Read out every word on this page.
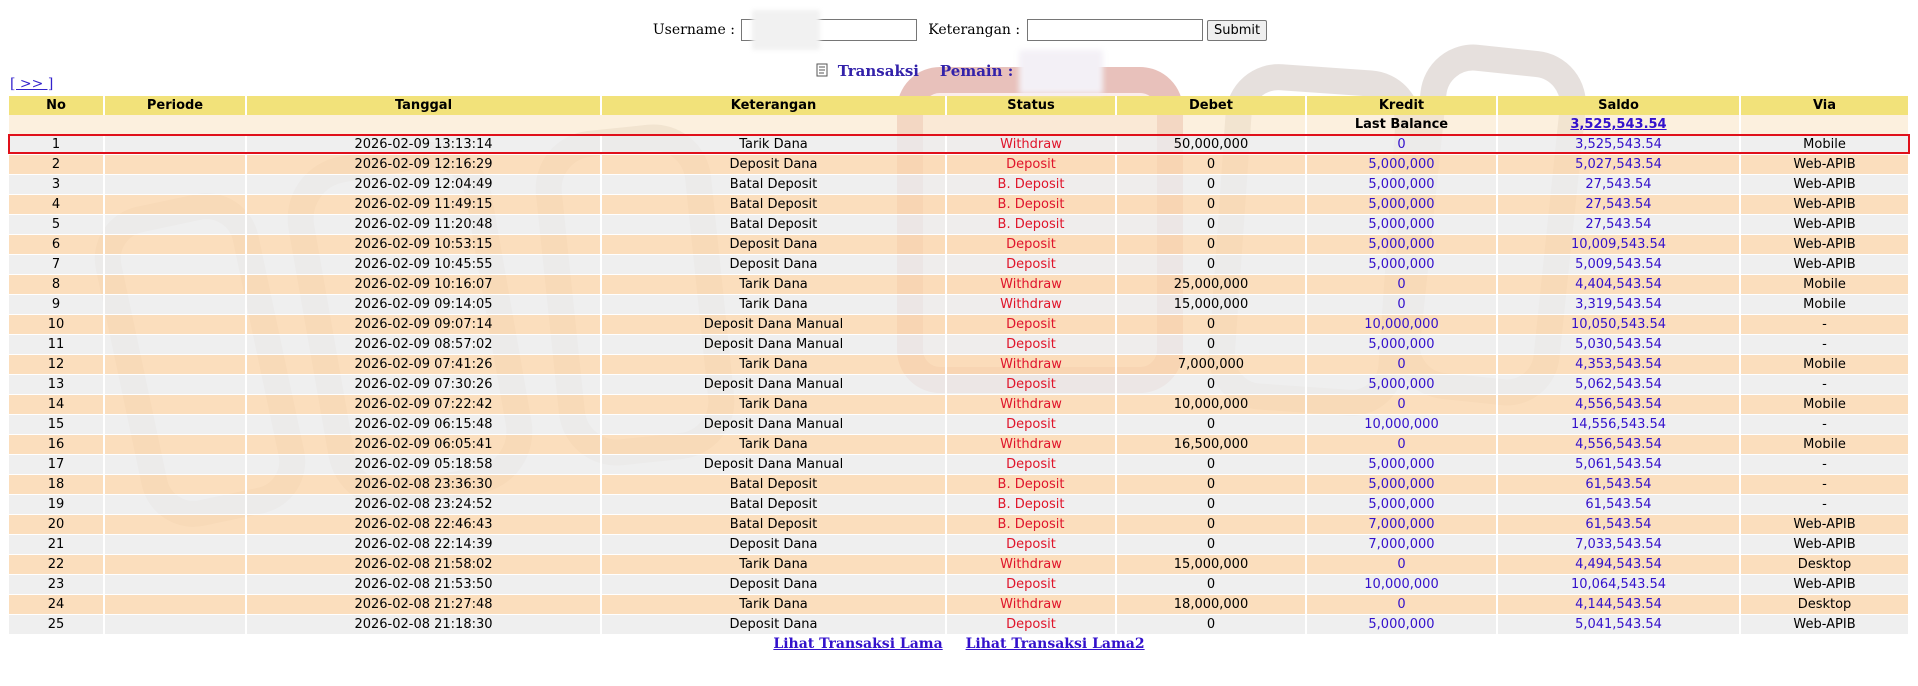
Username :	Keterangan :	Submit
Transaksi Pemain :
[ >> ]
No	Periode	Tanggal	Keterangan	Status	Debet	Kredit	Saldo	Via
						Last Balance	3,525,543.54	
1		2026-02-09 13:13:14	Tarik Dana	Withdraw	50,000,000	0	3,525,543.54	Mobile
2		2026-02-09 12:16:29	Deposit Dana	Deposit	0	5,000,000	5,027,543.54	Web-APIB
3		2026-02-09 12:04:49	Batal Deposit	B. Deposit	0	5,000,000	27,543.54	Web-APIB
4		2026-02-09 11:49:15	Batal Deposit	B. Deposit	0	5,000,000	27,543.54	Web-APIB
5		2026-02-09 11:20:48	Batal Deposit	B. Deposit	0	5,000,000	27,543.54	Web-APIB
6		2026-02-09 10:53:15	Deposit Dana	Deposit	0	5,000,000	10,009,543.54	Web-APIB
7		2026-02-09 10:45:55	Deposit Dana	Deposit	0	5,000,000	5,009,543.54	Web-APIB
8		2026-02-09 10:16:07	Tarik Dana	Withdraw	25,000,000	0	4,404,543.54	Mobile
9		2026-02-09 09:14:05	Tarik Dana	Withdraw	15,000,000	0	3,319,543.54	Mobile
10		2026-02-09 09:07:14	Deposit Dana Manual	Deposit	0	10,000,000	10,050,543.54	-
11		2026-02-09 08:57:02	Deposit Dana Manual	Deposit	0	5,000,000	5,030,543.54	-
12		2026-02-09 07:41:26	Tarik Dana	Withdraw	7,000,000	0	4,353,543.54	Mobile
13		2026-02-09 07:30:26	Deposit Dana Manual	Deposit	0	5,000,000	5,062,543.54	-
14		2026-02-09 07:22:42	Tarik Dana	Withdraw	10,000,000	0	4,556,543.54	Mobile
15		2026-02-09 06:15:48	Deposit Dana Manual	Deposit	0	10,000,000	14,556,543.54	-
16		2026-02-09 06:05:41	Tarik Dana	Withdraw	16,500,000	0	4,556,543.54	Mobile
17		2026-02-09 05:18:58	Deposit Dana Manual	Deposit	0	5,000,000	5,061,543.54	-
18		2026-02-08 23:36:30	Batal Deposit	B. Deposit	0	5,000,000	61,543.54	-
19		2026-02-08 23:24:52	Batal Deposit	B. Deposit	0	5,000,000	61,543.54	-
20		2026-02-08 22:46:43	Batal Deposit	B. Deposit	0	7,000,000	61,543.54	Web-APIB
21		2026-02-08 22:14:39	Deposit Dana	Deposit	0	7,000,000	7,033,543.54	Web-APIB
22		2026-02-08 21:58:02	Tarik Dana	Withdraw	15,000,000	0	4,494,543.54	Desktop
23		2026-02-08 21:53:50	Deposit Dana	Deposit	0	10,000,000	10,064,543.54	Web-APIB
24		2026-02-08 21:27:48	Tarik Dana	Withdraw	18,000,000	0	4,144,543.54	Desktop
25		2026-02-08 21:18:30	Deposit Dana	Deposit	0	5,000,000	5,041,543.54	Web-APIB
Lihat Transaksi Lama Lihat Transaksi Lama2
